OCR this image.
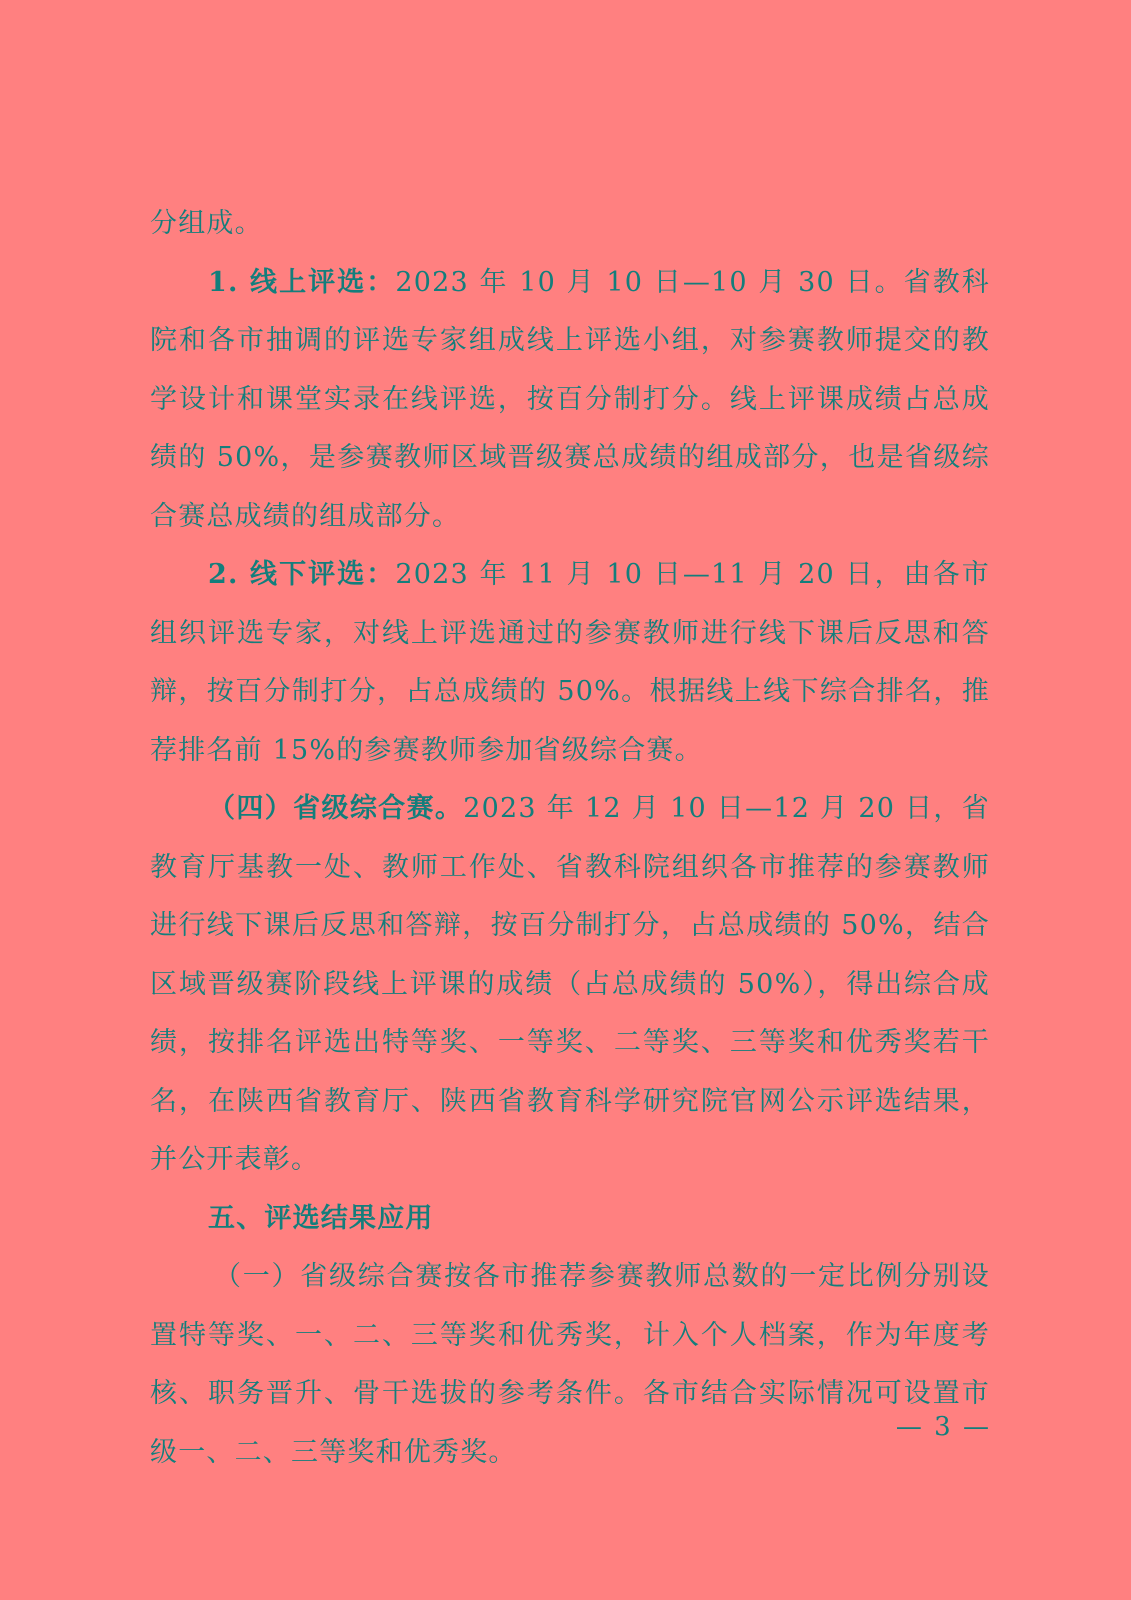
分组成。

1. 线上评选：2023 年 10 月 10 日—10 月 30 日。省教科院和各市抽调的评选专家组成线上评选小组，对参赛教师提交的教学设计和课堂实录在线评选，按百分制打分。线上评课成绩占总成绩的 50%，是参赛教师区域晋级赛总成绩的组成部分，也是省级综合赛总成绩的组成部分。

2. 线下评选：2023 年 11 月 10 日—11 月 20 日，由各市组织评选专家，对线上评选通过的参赛教师进行线下课后反思和答辩，按百分制打分，占总成绩的 50%。根据线上线下综合排名，推荐排名前 15%的参赛教师参加省级综合赛。

（四）省级综合赛。2023 年 12 月 10 日—12 月 20 日，省教育厅基教一处、教师工作处、省教科院组织各市推荐的参赛教师进行线下课后反思和答辩，按百分制打分，占总成绩的 50%，结合区域晋级赛阶段线上评课的成绩（占总成绩的 50%），得出综合成绩，按排名评选出特等奖、一等奖、二等奖、三等奖和优秀奖若干名，在陕西省教育厅、陕西省教育科学研究院官网公示评选结果，并公开表彰。

五、评选结果应用

（一）省级综合赛按各市推荐参赛教师总数的一定比例分别设置特等奖、一、二、三等奖和优秀奖，计入个人档案，作为年度考核、职务晋升、骨干选拔的参考条件。各市结合实际情况可设置市级一、二、三等奖和优秀奖。

— 3 —
